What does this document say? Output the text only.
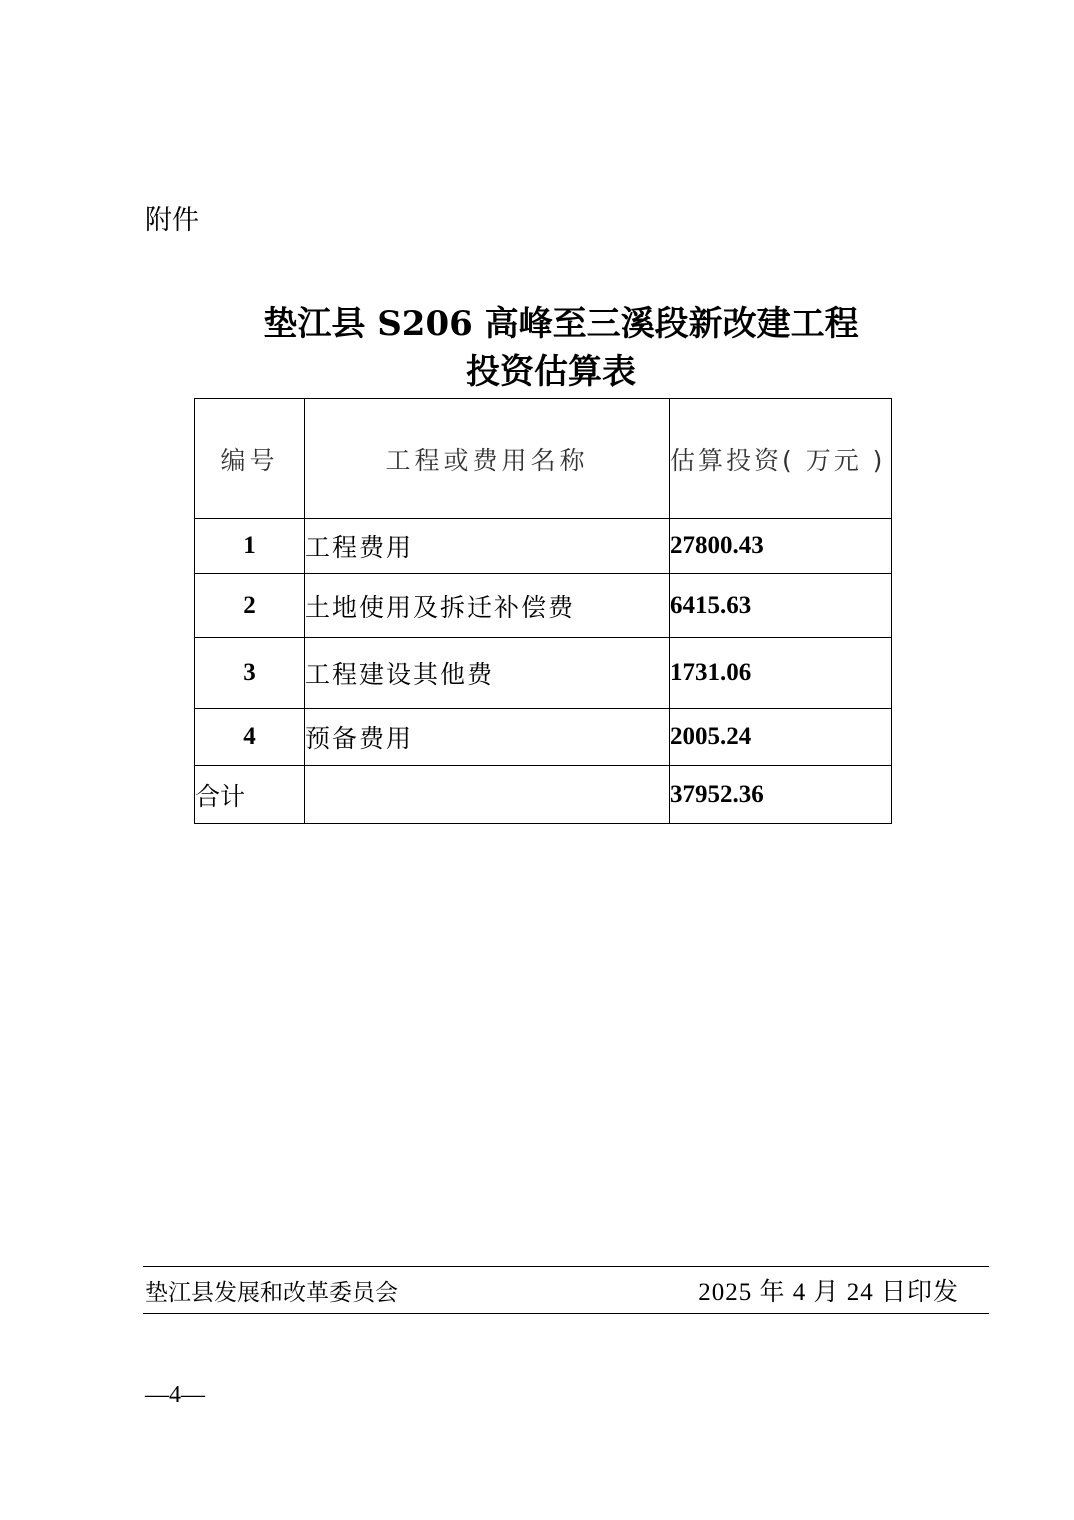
附件
垫江县 S206 高峰至三溪段新改建工程
投资估算表
编号	工程或费用名称	估算投资( 万元 )
1	工程费用	27800.43
2	土地使用及拆迁补偿费	6415.63
3	工程建设其他费	1731.06
4	预备费用	2005.24
合计		37952.36
垫江县发展和改革委员会	2025 年 4 月 24 日印发
—4—
